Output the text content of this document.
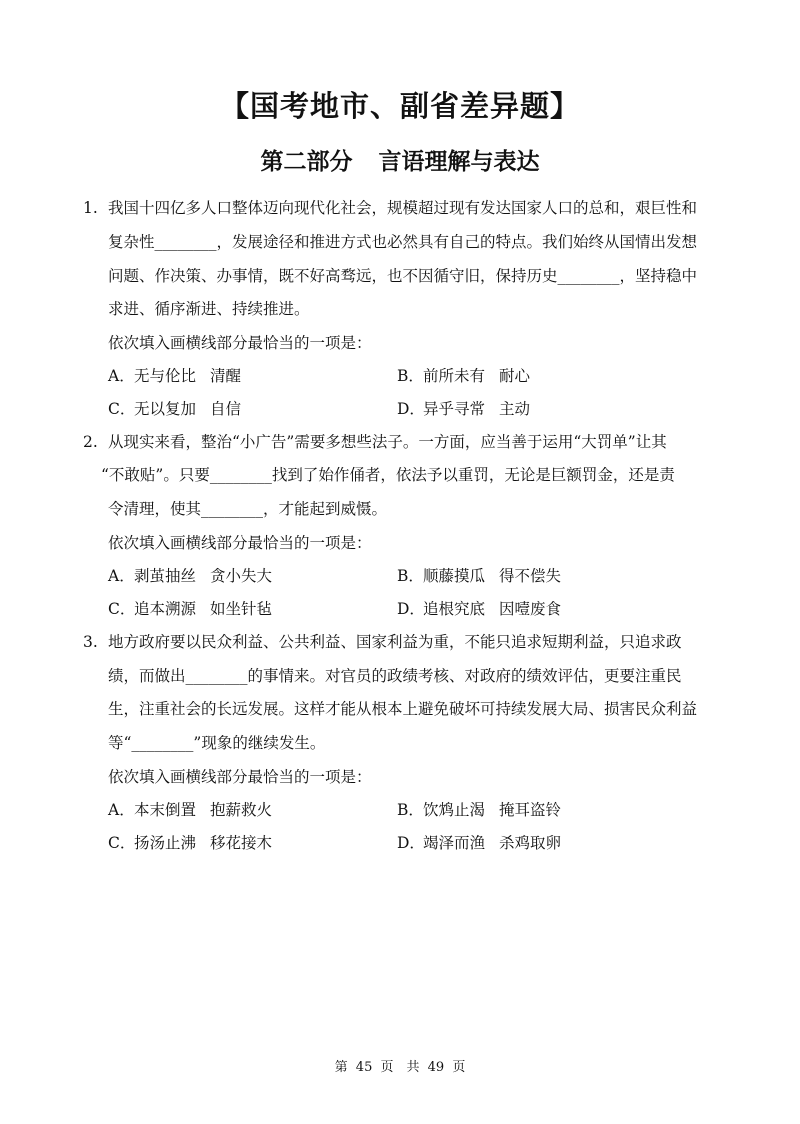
【国考地市、副省差异题】
第二部分 言语理解与表达
1. 我国十四亿多人口整体迈向现代化社会，规模超过现有发达国家人口的总和，艰巨性和
复杂性________，发展途径和推进方式也必然具有自己的特点。我们始终从国情出发想
问题、作决策、办事情，既不好高骛远，也不因循守旧，保持历史________，坚持稳中
求进、循序渐进、持续推进。
依次填入画横线部分最恰当的一项是：
A．无与伦比 清醒	B．前所未有 耐心
C．无以复加 自信	D．异乎寻常 主动
2. 从现实来看，整治“小广告”需要多想些法子。一方面，应当善于运用“大罚单”让其
“不敢贴”。只要________找到了始作俑者，依法予以重罚，无论是巨额罚金，还是责
令清理，使其________，才能起到威慑。
依次填入画横线部分最恰当的一项是：
A．剥茧抽丝 贪小失大	B．顺藤摸瓜 得不偿失
C．追本溯源 如坐针毡	D．追根究底 因噎废食
3. 地方政府要以民众利益、公共利益、国家利益为重，不能只追求短期利益，只追求政
绩，而做出________的事情来。对官员的政绩考核、对政府的绩效评估，更要注重民
生，注重社会的长远发展。这样才能从根本上避免破坏可持续发展大局、损害民众利益
等“________”现象的继续发生。
依次填入画横线部分最恰当的一项是：
A．本末倒置 抱薪救火	B．饮鸩止渴 掩耳盗铃
C．扬汤止沸 移花接木	D．竭泽而渔 杀鸡取卵
第 45 页　共 49 页
